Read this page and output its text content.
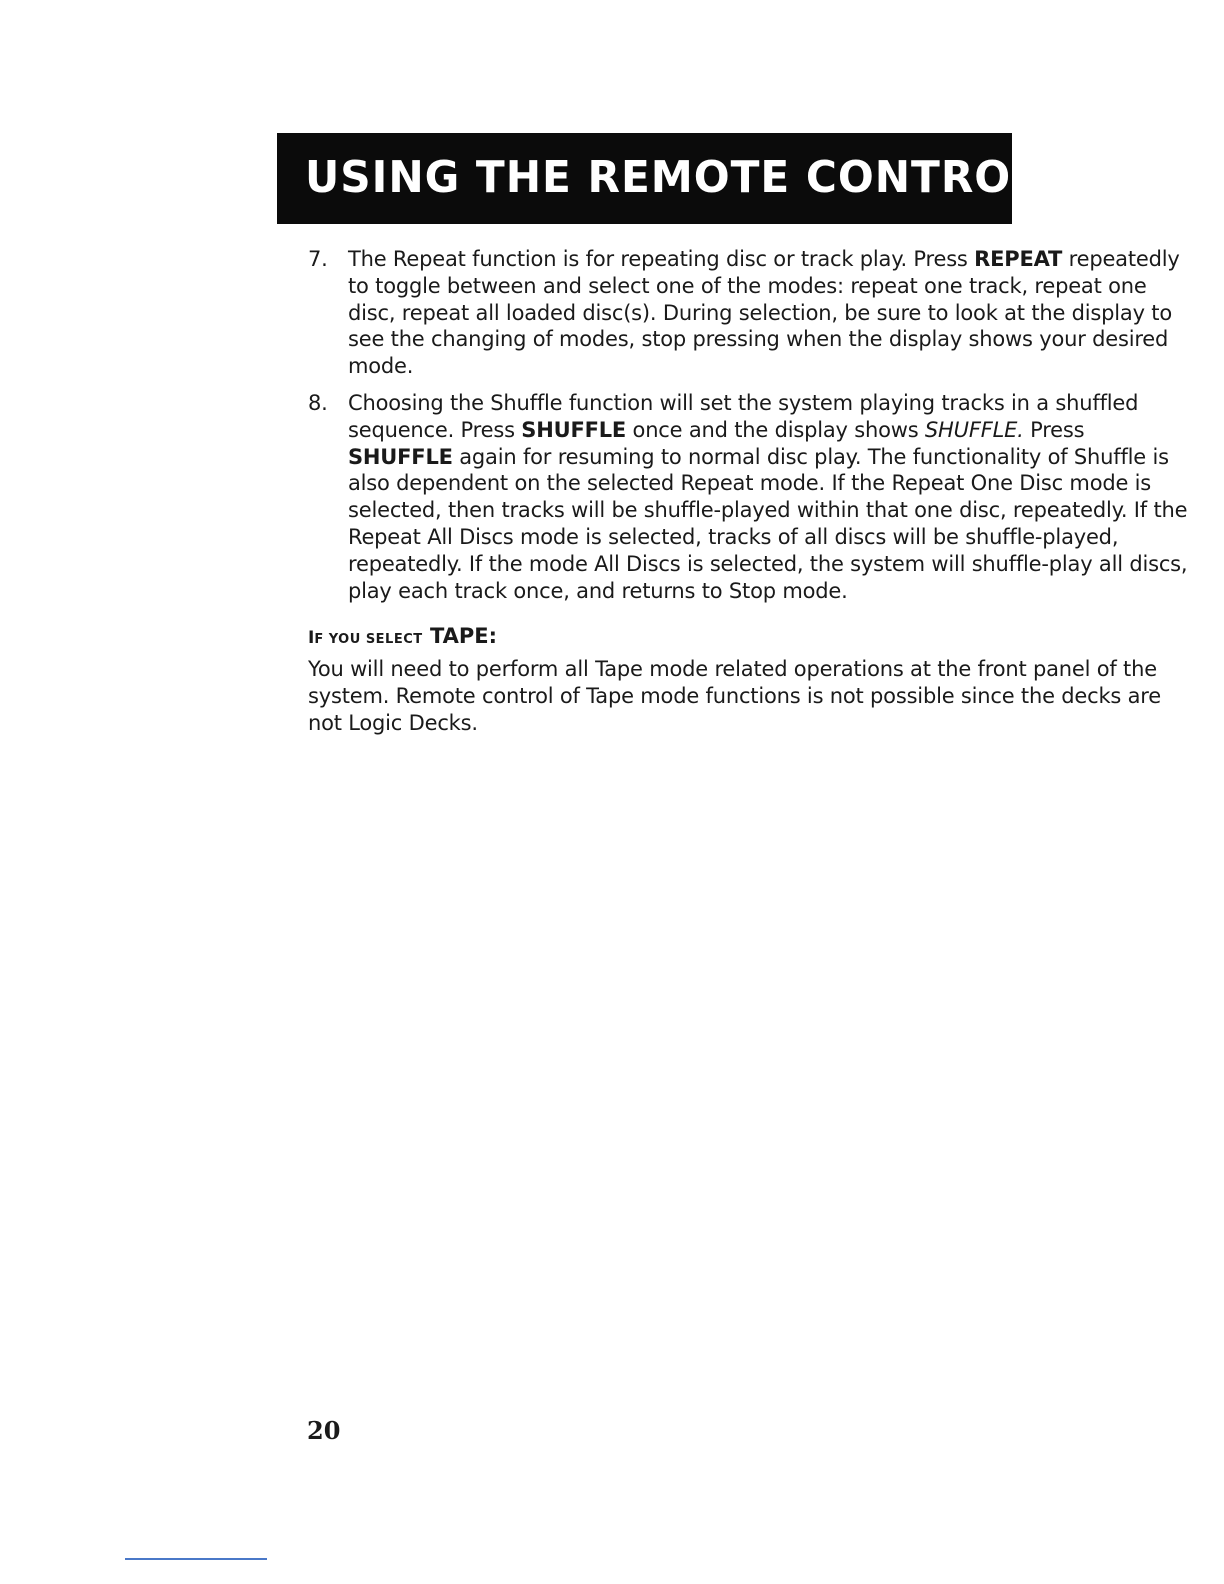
USING THE REMOTE CONTROL
7. The Repeat function is for repeating disc or track play. Press REPEAT repeatedly to toggle between and select one of the modes: repeat one track, repeat one disc, repeat all loaded disc(s). During selection, be sure to look at the display to see the changing of modes, stop pressing when the display shows your desired mode.
8. Choosing the Shuffle function will set the system playing tracks in a shuffled sequence. Press SHUFFLE once and the display shows SHUFFLE. Press SHUFFLE again for resuming to normal disc play. The functionality of Shuffle is also dependent on the selected Repeat mode. If the Repeat One Disc mode is selected, then tracks will be shuffle-played within that one disc, repeatedly. If the Repeat All Discs mode is selected, tracks of all discs will be shuffle-played, repeatedly. If the mode All Discs is selected, the system will shuffle-play all discs, play each track once, and returns to Stop mode.
IF YOU SELECT TAPE:
You will need to perform all Tape mode related operations at the front panel of the system. Remote control of Tape mode functions is not possible since the decks are not Logic Decks.
20
